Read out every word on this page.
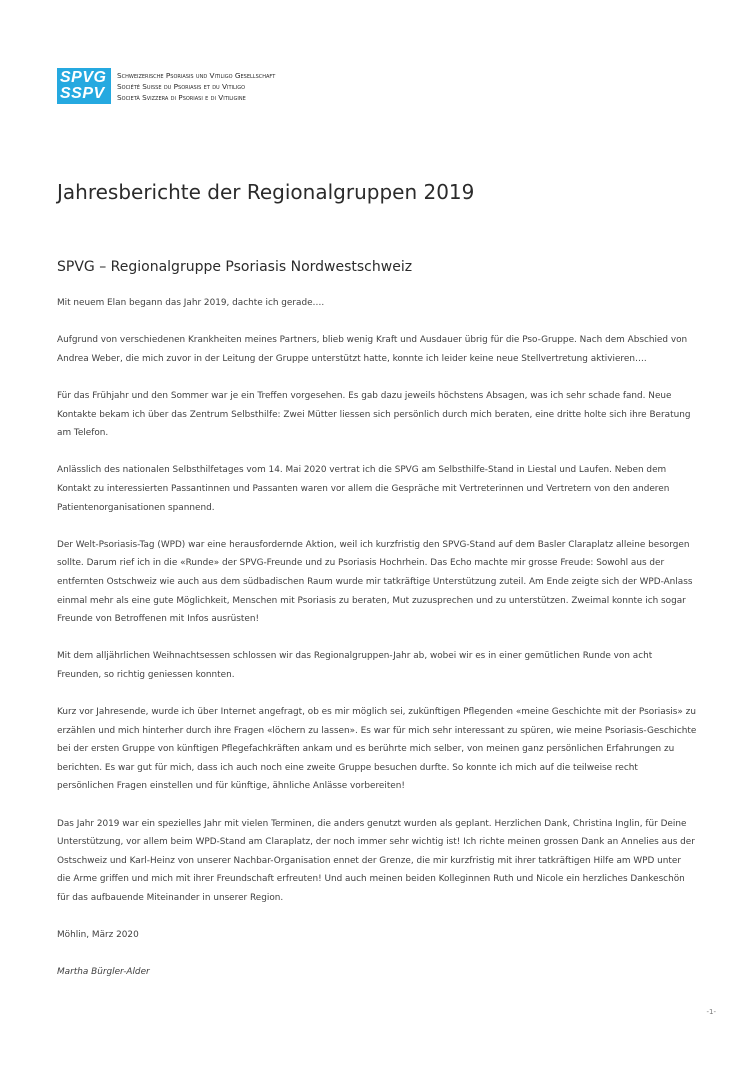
SPVG
SSPV
Schweizerische Psoriasis und Vitiligo Gesellschaft
Société Suisse du Psoriasis et du Vitiligo
Società Svizzera di Psoriasi e di Vitiligine
Jahresberichte der Regionalgruppen 2019
SPVG – Regionalgruppe Psoriasis Nordwestschweiz

Mit neuem Elan begann das Jahr 2019, dachte ich gerade….

Aufgrund von verschiedenen Krankheiten meines Partners, blieb wenig Kraft und Ausdauer übrig für die Pso-Gruppe. Nach dem Abschied von Andrea Weber, die mich zuvor in der Leitung der Gruppe unterstützt hatte, konnte ich leider keine neue Stellvertretung aktivieren….

Für das Frühjahr und den Sommer war je ein Treffen vorgesehen. Es gab dazu jeweils höchstens Absagen, was ich sehr schade fand. Neue Kontakte bekam ich über das Zentrum Selbsthilfe: Zwei Mütter liessen sich persönlich durch mich beraten, eine dritte holte sich ihre Beratung am Telefon.

Anlässlich des nationalen Selbsthilfetages vom 14. Mai 2020 vertrat ich die SPVG am Selbsthilfe-Stand in Liestal und Laufen. Neben dem Kontakt zu interessierten Passantinnen und Passanten waren vor allem die Gespräche mit Vertreterinnen und Vertretern von den anderen Patientenorganisationen spannend.

Der Welt-Psoriasis-Tag (WPD) war eine herausfordernde Aktion, weil ich kurzfristig den SPVG-Stand auf dem Basler Claraplatz alleine besorgen sollte. Darum rief ich in die «Runde» der SPVG-Freunde und zu Psoriasis Hochrhein. Das Echo machte mir grosse Freude: Sowohl aus der entfernten Ostschweiz wie auch aus dem südbadischen Raum wurde mir tatkräftige Unterstützung zuteil. Am Ende zeigte sich der WPD-Anlass einmal mehr als eine gute Möglichkeit, Menschen mit Psoriasis zu beraten, Mut zuzusprechen und zu unterstützen. Zweimal konnte ich sogar Freunde von Betroffenen mit Infos ausrüsten!

Mit dem alljährlichen Weihnachtsessen schlossen wir das Regionalgruppen-Jahr ab, wobei wir es in einer gemütlichen Runde von acht Freunden, so richtig geniessen konnten.

Kurz vor Jahresende, wurde ich über Internet angefragt, ob es mir möglich sei, zukünftigen Pflegenden «meine Geschichte mit der Psoriasis» zu erzählen und mich hinterher durch ihre Fragen «löchern zu lassen». Es war für mich sehr interessant zu spüren, wie meine Psoriasis-Geschichte bei der ersten Gruppe von künftigen Pflegefachkräften ankam und es berührte mich selber, von meinen ganz persönlichen Erfahrungen zu berichten. Es war gut für mich, dass ich auch noch eine zweite Gruppe besuchen durfte. So konnte ich mich auf die teilweise recht persönlichen Fragen einstellen und für künftige, ähnliche Anlässe vorbereiten!

Das Jahr 2019 war ein spezielles Jahr mit vielen Terminen, die anders genutzt wurden als geplant. Herzlichen Dank, Christina Inglin, für Deine Unterstützung, vor allem beim WPD-Stand am Claraplatz, der noch immer sehr wichtig ist! Ich richte meinen grossen Dank an Annelies aus der Ostschweiz und Karl-Heinz von unserer Nachbar-Organisation ennet der Grenze, die mir kurzfristig mit ihrer tatkräftigen Hilfe am WPD unter die Arme griffen und mich mit ihrer Freundschaft erfreuten! Und auch meinen beiden Kolleginnen Ruth und Nicole ein herzliches Dankeschön für das aufbauende Miteinander in unserer Region.

Möhlin, März 2020

Martha Bürgler-Alder

-1-
